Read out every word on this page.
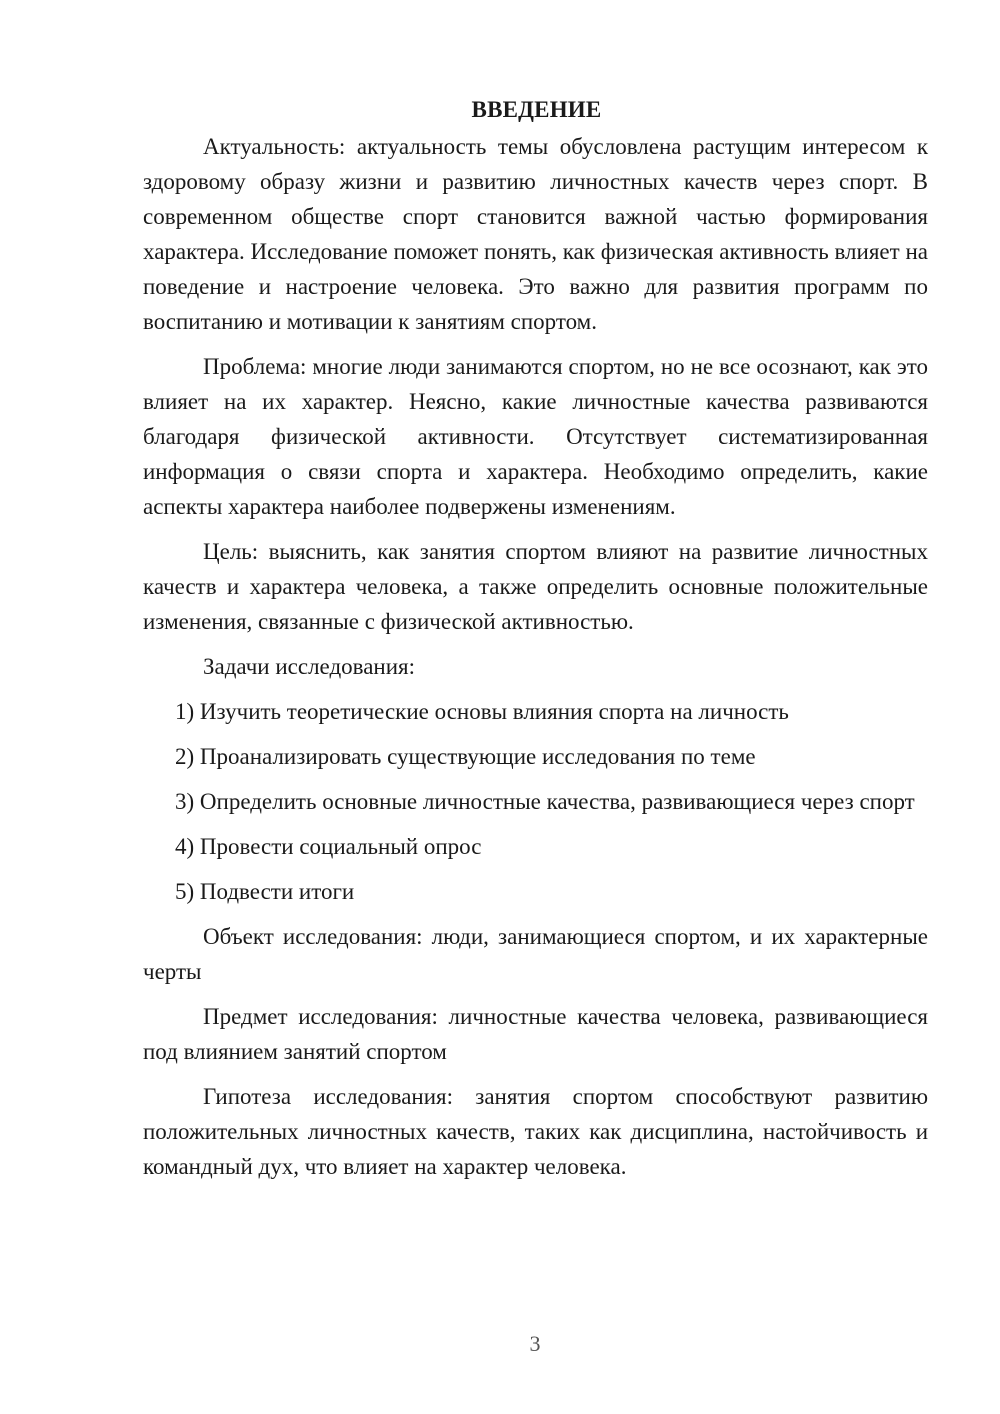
ВВЕДЕНИЕ

Актуальность: актуальность темы обусловлена растущим интересом к здоровому образу жизни и развитию личностных качеств через спорт. В современном обществе спорт становится важной частью формирования характера. Исследование поможет понять, как физическая активность влияет на поведение и настроение человека. Это важно для развития программ по воспитанию и мотивации к занятиям спортом.

Проблема: многие люди занимаются спортом, но не все осознают, как это влияет на их характер. Неясно, какие личностные качества развиваются благодаря физической активности. Отсутствует систематизированная информация о связи спорта и характера. Необходимо определить, какие аспекты характера наиболее подвержены изменениям.

Цель: выяснить, как занятия спортом влияют на развитие личностных качеств и характера человека, а также определить основные положительные изменения, связанные с физической активностью.

Задачи исследования:

1) Изучить теоретические основы влияния спорта на личность

2) Проанализировать существующие исследования по теме

3) Определить основные личностные качества, развивающиеся через спорт

4) Провести социальный опрос

5) Подвести итоги

Объект исследования: люди, занимающиеся спортом, и их характерные черты

Предмет исследования: личностные качества человека, развивающиеся под влиянием занятий спортом

Гипотеза исследования: занятия спортом способствуют развитию положительных личностных качеств, таких как дисциплина, настойчивость и командный дух, что влияет на характер человека.

3
